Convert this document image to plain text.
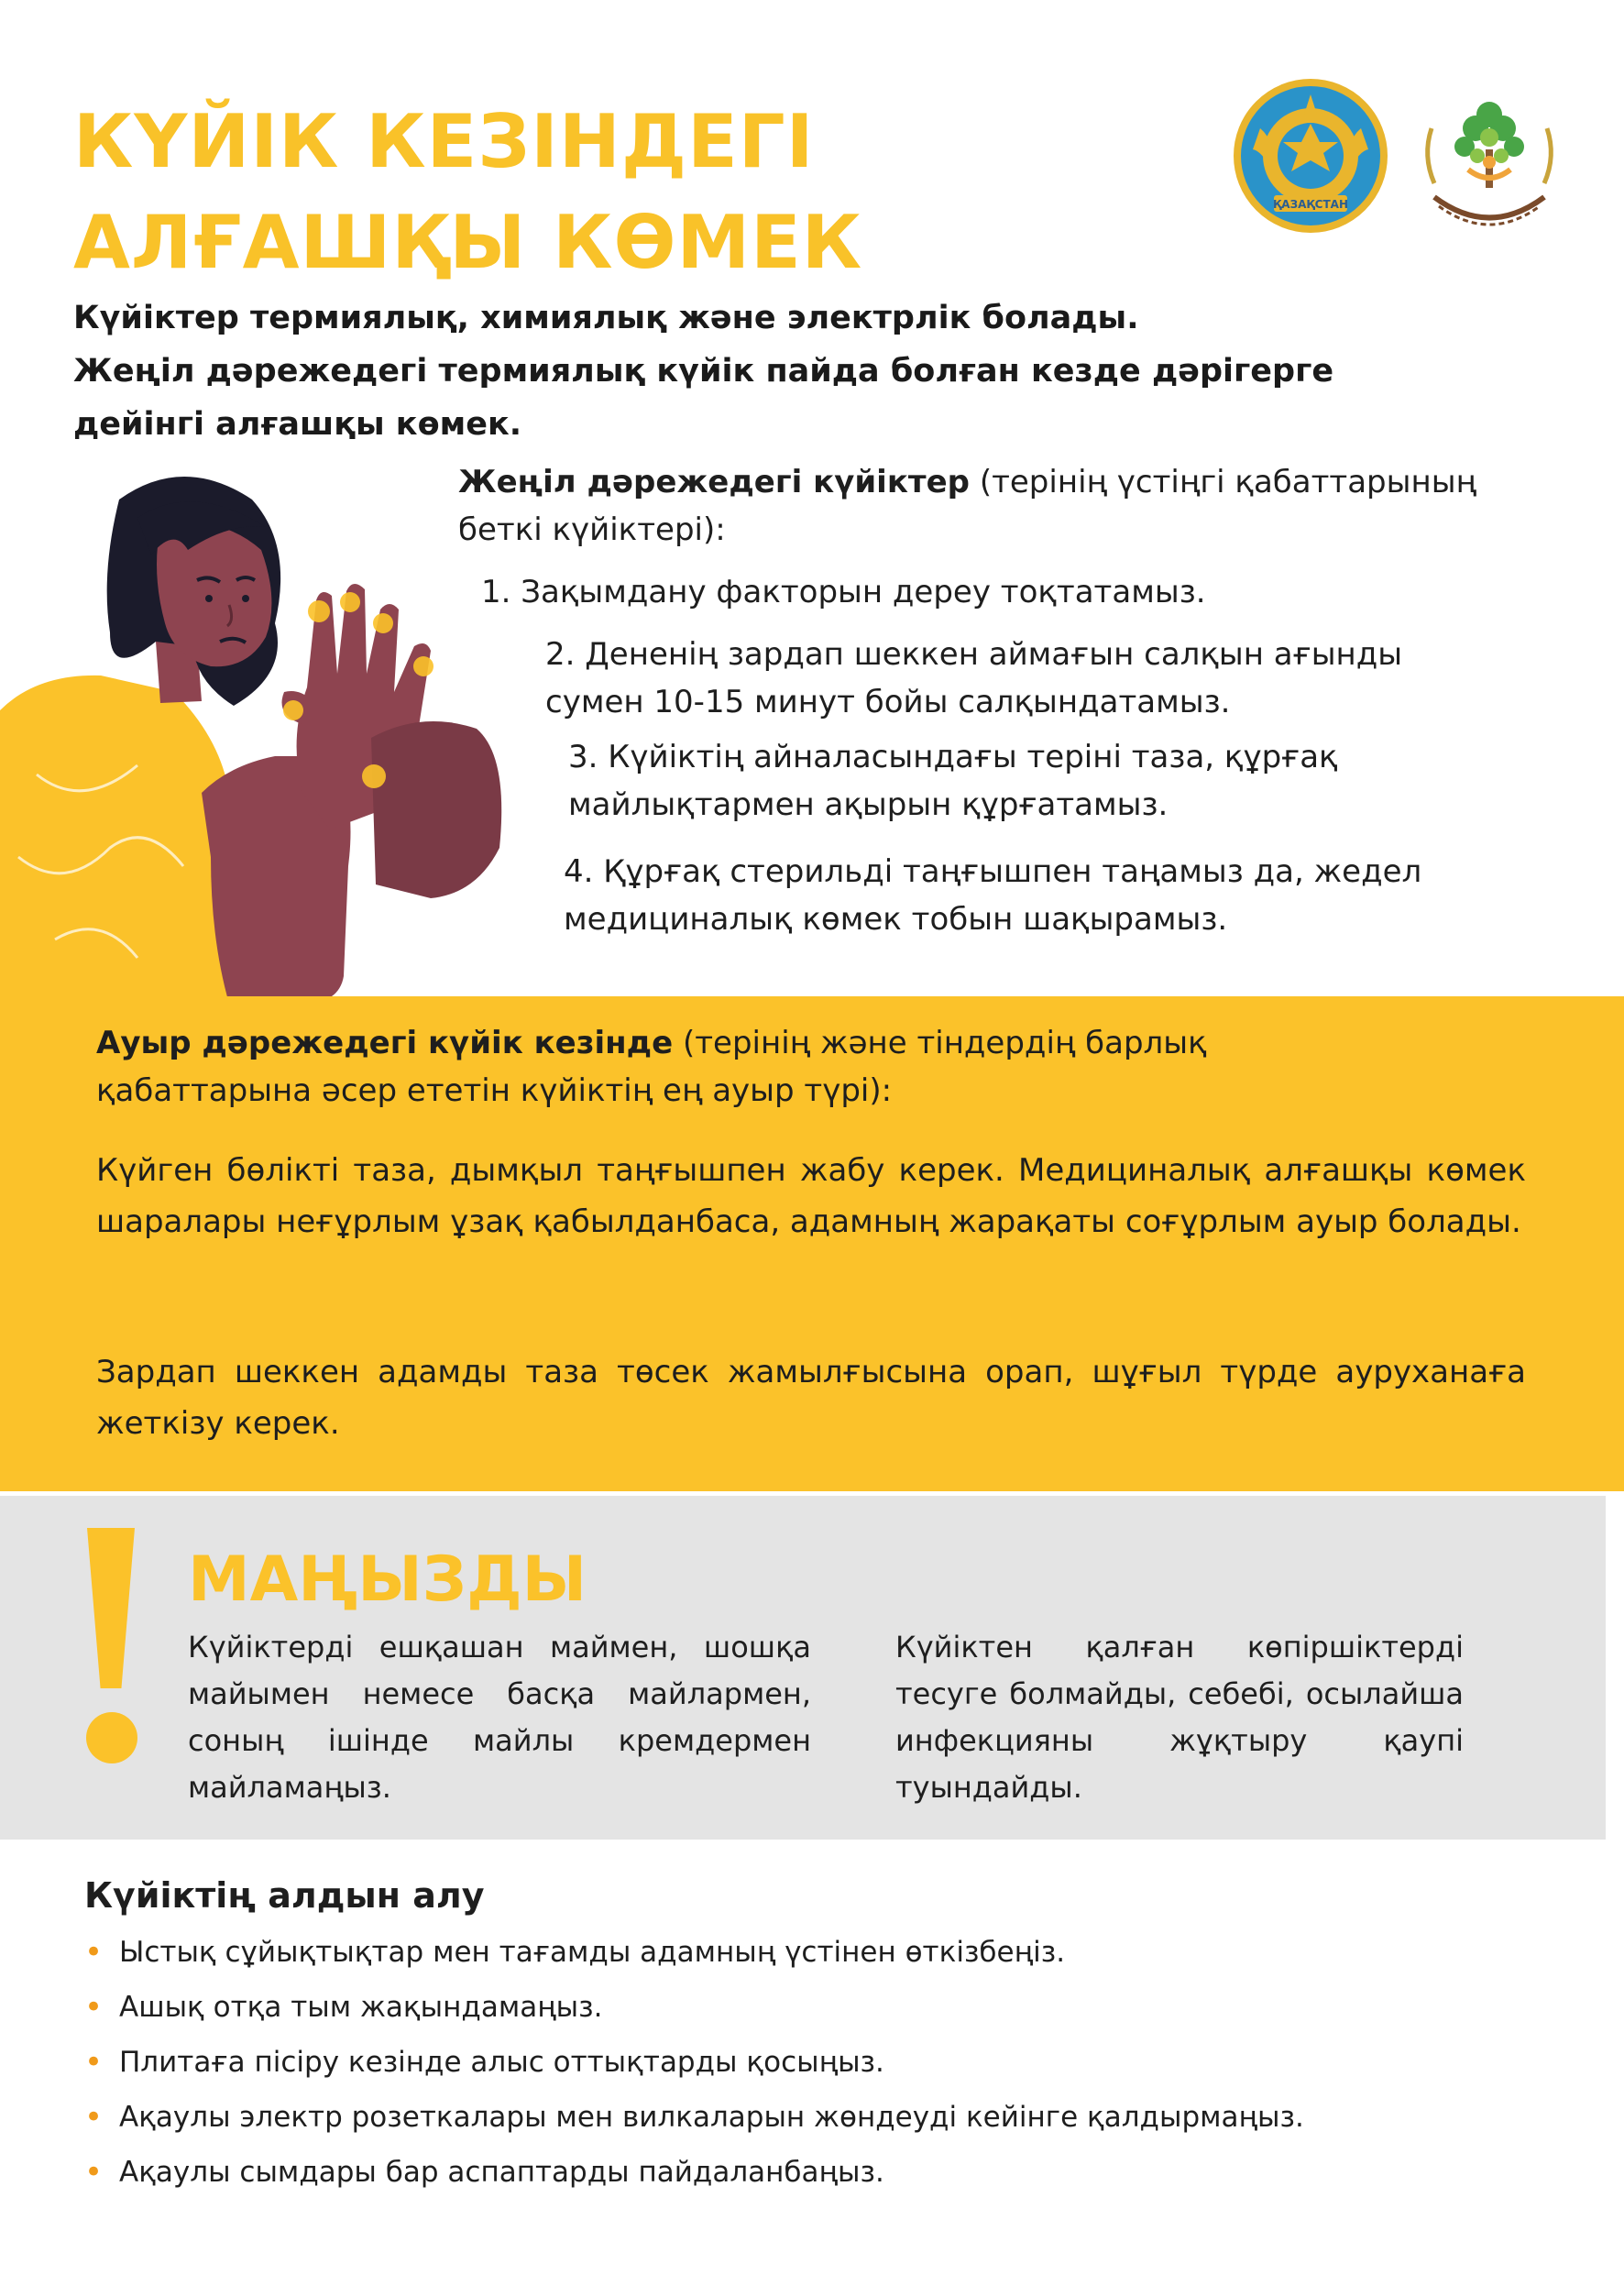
КҮЙІК КЕЗІНДЕГІ
АЛҒАШҚЫ КӨМЕК	ҚАЗАҚСТАН
Күйіктер термиялық, химиялық және электрлік болады.
Жеңіл дәрежедегі термиялық күйік пайда болған кезде дәрігерге
дейінгі алғашқы көмек.
Жеңіл дәрежедегі күйіктер (терінің үстіңгі қабаттарының
беткі күйіктері):
1. Зақымдану факторын дереу тоқтатамыз.
2. Дененің зардап шеккен аймағын салқын ағынды
сумен 10-15 минут бойы салқындатамыз.
3. Күйіктің айналасындағы теріні таза, құрғақ
майлықтармен ақырын құрғатамыз.
4. Құрғақ стерильді таңғышпен таңамыз да, жедел
медициналық көмек тобын шақырамыз.
Ауыр дәрежедегі күйік кезінде (терінің және тіндердің барлық
қабаттарына әсер ететін күйіктің ең ауыр түрі):
Күйген бөлікті таза, дымқыл таңғышпен жабу керек. Медициналық алғашқы көмек шаралары неғұрлым ұзақ қабылданбаса, адамның жарақаты соғұрлым ауыр болады.
Зардап шеккен адамды таза төсек жамылғысына орап, шұғыл түрде ауруханаға жеткізу керек.
МАҢЫЗДЫ
Күйіктерді ешқашан маймен, шошқа майымен немесе басқа майлармен, соның ішінде майлы кремдермен майламаңыз.
Күйіктен қалған көпіршіктерді тесуге болмайды, себебі, осылайша инфекцияны жұқтыру қаупі туындайды.
Күйіктің алдын алу
• Ыстық сұйықтықтар мен тағамды адамның үстінен өткізбеңіз.
• Ашық отқа тым жақындамаңыз.
• Плитаға пісіру кезінде алыс оттықтарды қосыңыз.
• Ақаулы электр розеткалары мен вилкаларын жөндеуді кейінге қалдырмаңыз.
• Ақаулы сымдары бар аспаптарды пайдаланбаңыз.
